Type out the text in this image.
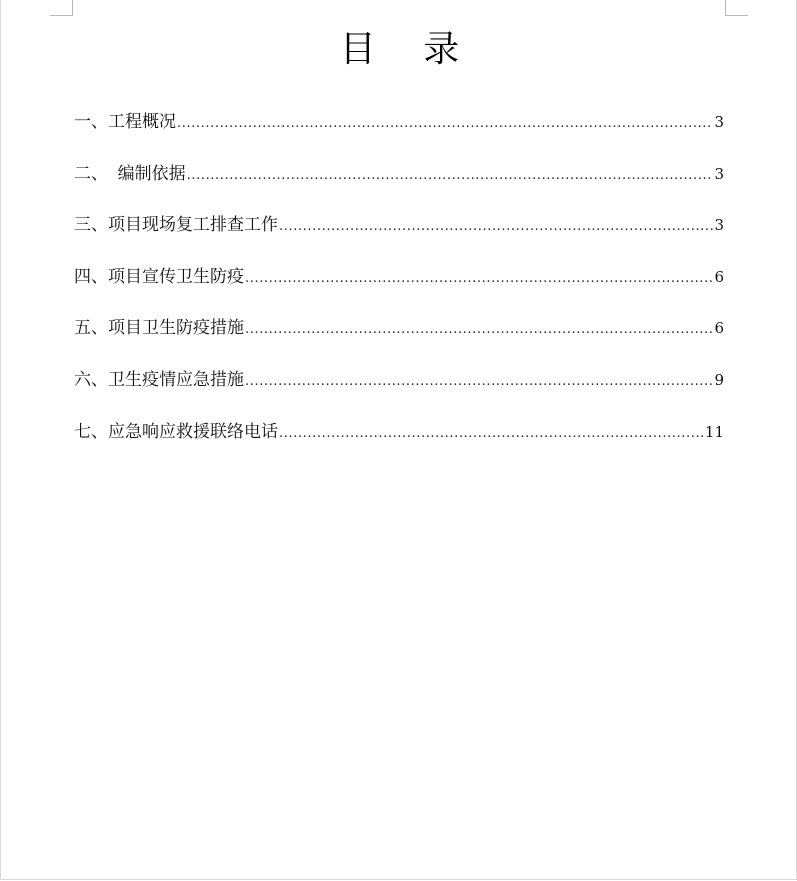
目 录
一、 工程概况 .....	3
二、 编制依据 .....	3
三、 项目现场复工排查工作 .....	3
四、 项目宣传卫生防疫 .....	6
五、 项目卫生防疫措施 .....	6
六、 卫生疫情应急措施 .....	9
七、 应急响应救援联络电话 .....	11
